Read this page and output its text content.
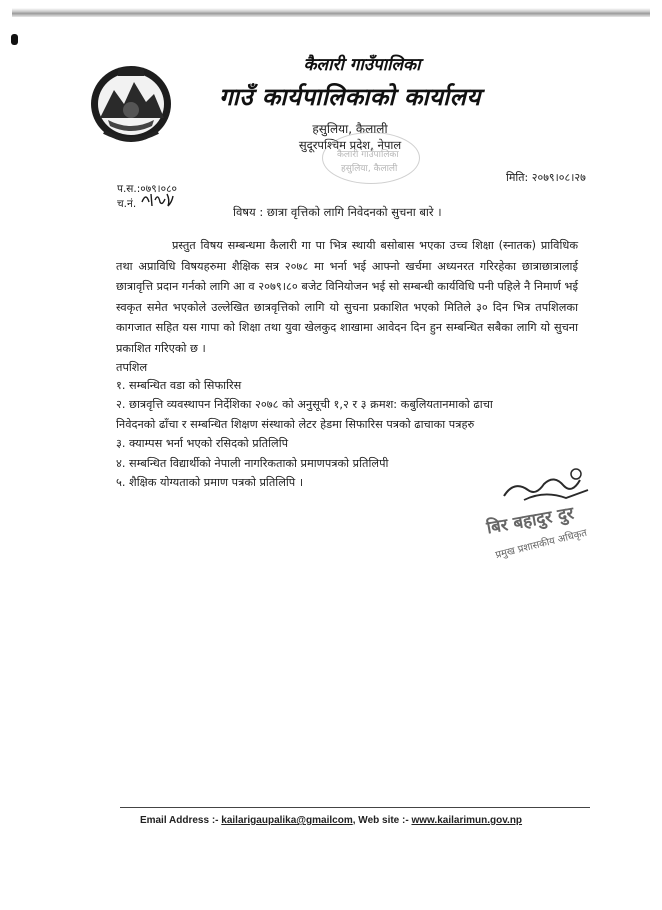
कैलारी गाउँपालिका
गाउँ कार्यपालिकाको कार्यालय
हसुलिया, कैलाली
सुदूरपश्चिम प्रदेश, नेपाल
कैलारी गाउँपालिका
हसुलिया, कैलाली
मिति: २०७९।०८।२७
प.स.:०७९।०८०
च.नं.
विषय : छात्रा वृत्तिको लागि निवेदनको सुचना बारे ।

प्रस्तुत विषय सम्बन्धमा कैलारी गा पा भित्र स्थायी बसोबास भएका उच्च शिक्षा (स्नातक) प्राविधिक तथा अप्राविधि विषयहरुमा शैक्षिक सत्र २०७८ मा भर्ना भई आफ्नो खर्चमा अध्यनरत गरिरहेका छात्राछात्रालाई छात्रावृत्ति प्रदान गर्नको लागि आ व २०७९।८० बजेट विनियोजन भई सो सम्बन्धी कार्यविधि पनी पहिले नै निमार्ण भई स्वकृत समेत भएकोले उल्लेखित छात्रवृत्तिको लागि यो सुचना प्रकाशित भएको मितिले ३० दिन भित्र तपशिलका कागजात सहित यस गापा को शिक्षा तथा युवा खेलकुद शाखामा आवेदन दिन हुन सम्बन्धित सबैका लागि यो सुचना प्रकाशित गरिएको छ ।

तपशिल
१. सम्बन्धित वडा को सिफारिस
२. छात्रवृत्ति व्यवस्थापन निर्देशिका २०७८ को अनुसूची १,२ र ३ क्रमश: कबुलियतानमाको ढाचा
निवेदनको ढाँचा र सम्बन्धित शिक्षण संस्थाको लेटर हेडमा सिफारिस पत्रको ढाचाका पत्रहरु
३. क्याम्पस भर्ना भएको रसिदको प्रतिलिपि
४. सम्बन्धित विद्यार्थीको नेपाली नागरिकताको प्रमाणपत्रको प्रतिलिपी
५. शैक्षिक योग्यताको प्रमाण पत्रको प्रतिलिपि ।
बिर बहादुर दुर
प्रमुख प्रशासकीय अधिकृत
Email Address :- kailarigaupalika@gmailcom, Web site :- www.kailarimun.gov.np
